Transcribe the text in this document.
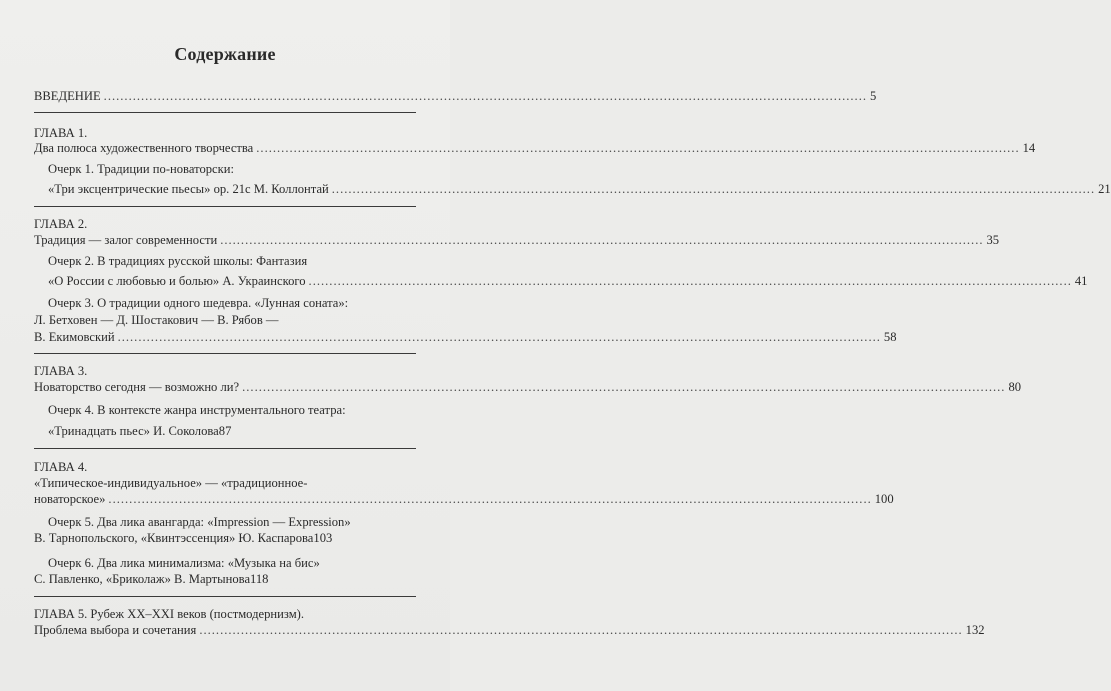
Содержание
ВВЕДЕНИЕ .....	5
ГЛАВА 1.
Два полюса художественного творчества .....	14
Очерк 1. Традиции по-новаторски:
«Три эксцентрические пьесы» ор. 21c М. Коллонтай .....	21
ГЛАВА 2.
Традиция — залог современности .....	35
Очерк 2. В традициях русской школы: Фантазия
«О России с любовью и болью» А. Украинского .....	41
Очерк 3. О традиции одного шедевра. «Лунная соната»:
Л. Бетховен — Д. Шостакович — В. Рябов —
В. Екимовский .....	58
ГЛАВА 3.
Новаторство сегодня — возможно ли? .....	80
Очерк 4. В контексте жанра инструментального театра:
«Тринадцать пьес» И. Соколова 87
ГЛАВА 4.
«Типическое-индивидуальное» — «традиционное-
новаторское» .....	100
Очерк 5. Два лика авангарда: «Impression — Expression»
В. Тарнопольского, «Квинтэссенция» Ю. Каспарова 103
Очерк 6. Два лика минимализма: «Музыка на бис»
С. Павленко, «Бриколаж» В. Мартынова 118
ГЛАВА 5. Рубеж XX–XXI веков (постмодернизм).
Проблема выбора и сочетания .....	132
